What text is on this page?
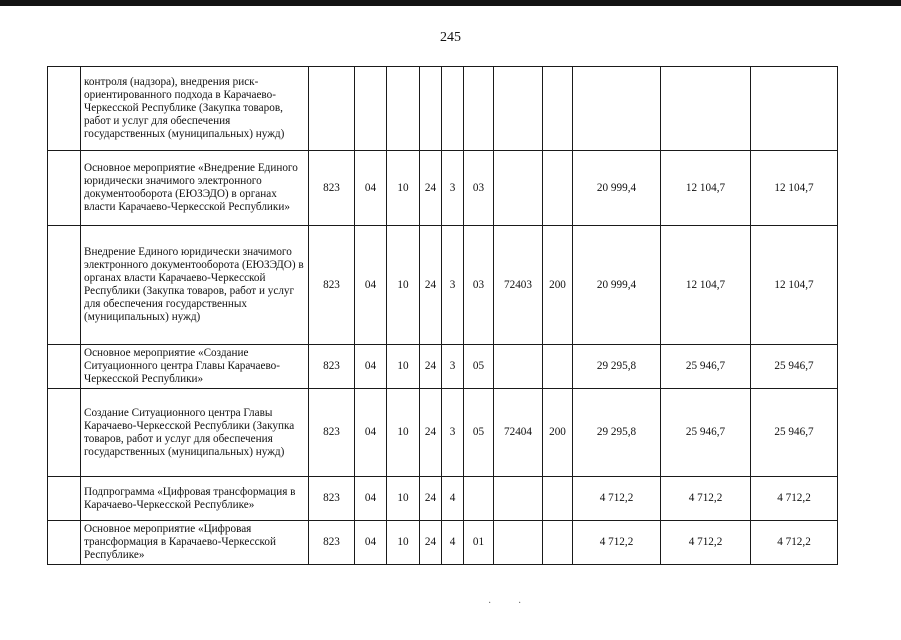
245
	контроля (надзора), внедрения риск-ориентированного подхода в Карачаево-Черкесской Республике (Закупка товаров, работ и услуг для обеспечения государственных (муниципальных) нужд)											
	Основное мероприятие «Внедрение Единого юридически значимого электронного документооборота (ЕЮЗЭДО) в органах власти Карачаево-Черкесской Республики»	823	04	10	24	3	03			20 999,4	12 104,7	12 104,7
	Внедрение Единого юридически значимого электронного документооборота (ЕЮЗЭДО) в органах власти Карачаево-Черкесской Республики (Закупка товаров, работ и услуг для обеспечения государственных (муниципальных) нужд)	823	04	10	24	3	03	72403	200	20 999,4	12 104,7	12 104,7
	Основное мероприятие «Создание Ситуационного центра Главы Карачаево-Черкесской Республики»	823	04	10	24	3	05			29 295,8	25 946,7	25 946,7
	Создание Ситуационного центра Главы Карачаево-Черкесской Республики (Закупка товаров, работ и услуг для обеспечения государственных (муниципальных) нужд)	823	04	10	24	3	05	72404	200	29 295,8	25 946,7	25 946,7
	Подпрограмма «Цифровая трансформация в Карачаево-Черкесской Республике»	823	04	10	24	4				4 712,2	4 712,2	4 712,2
	Основное мероприятие «Цифровая трансформация в Карачаево-Черкесской Республике»	823	04	10	24	4	01			4 712,2	4 712,2	4 712,2
·	·
